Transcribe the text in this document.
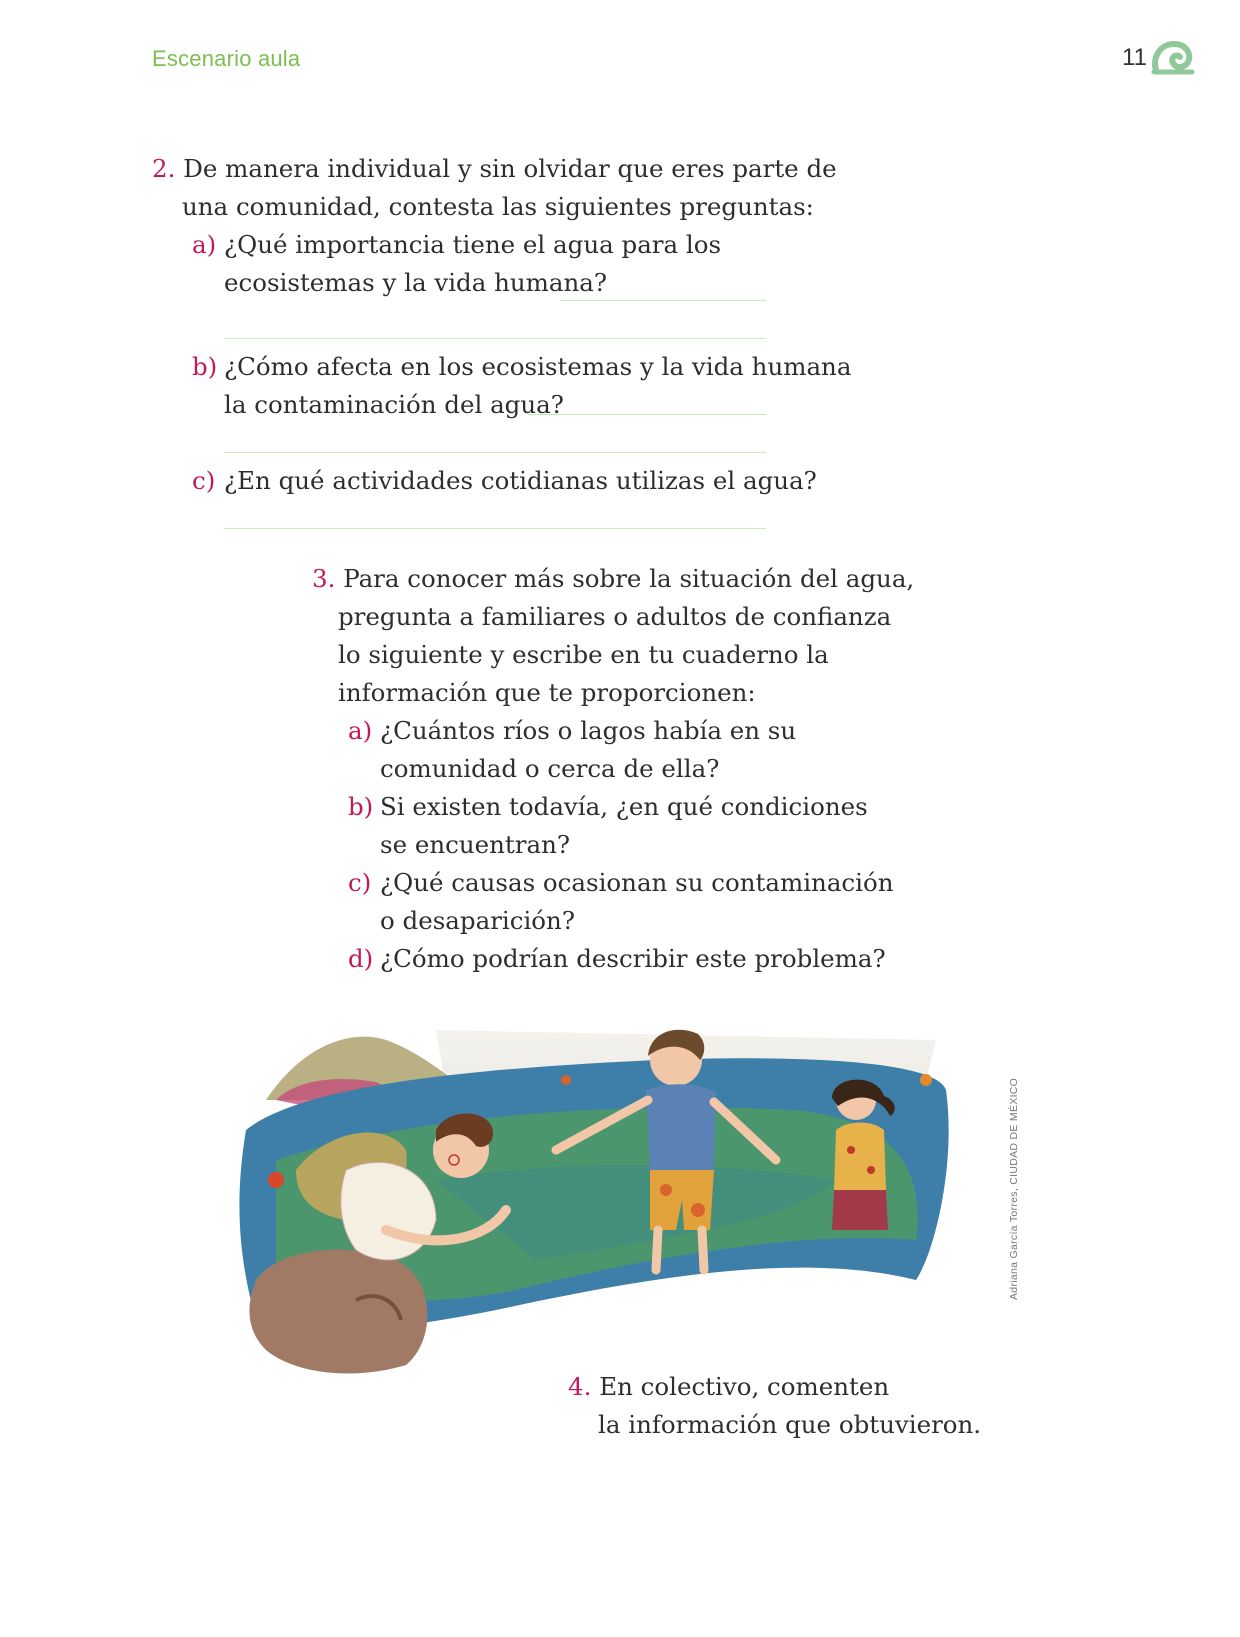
Escenario aula	11
2. De manera individual y sin olvidar que eres parte de
una comunidad, contesta las siguientes preguntas:
a) ¿Qué importancia tiene el agua para los
ecosistemas y la vida humana?
b) ¿Cómo afecta en los ecosistemas y la vida humana
la contaminación del agua?
c) ¿En qué actividades cotidianas utilizas el agua?
3. Para conocer más sobre la situación del agua,
pregunta a familiares o adultos de confianza
lo siguiente y escribe en tu cuaderno la
información que te proporcionen:
a) ¿Cuántos ríos o lagos había en su
comunidad o cerca de ella?
b) Si existen todavía, ¿en qué condiciones
se encuentran?
c) ¿Qué causas ocasionan su contaminación
o desaparición?
d) ¿Cómo podrían describir este problema?
Adriana García Torres, CIUDAD DE MÉXICO
4. En colectivo, comenten
la información que obtuvieron.
